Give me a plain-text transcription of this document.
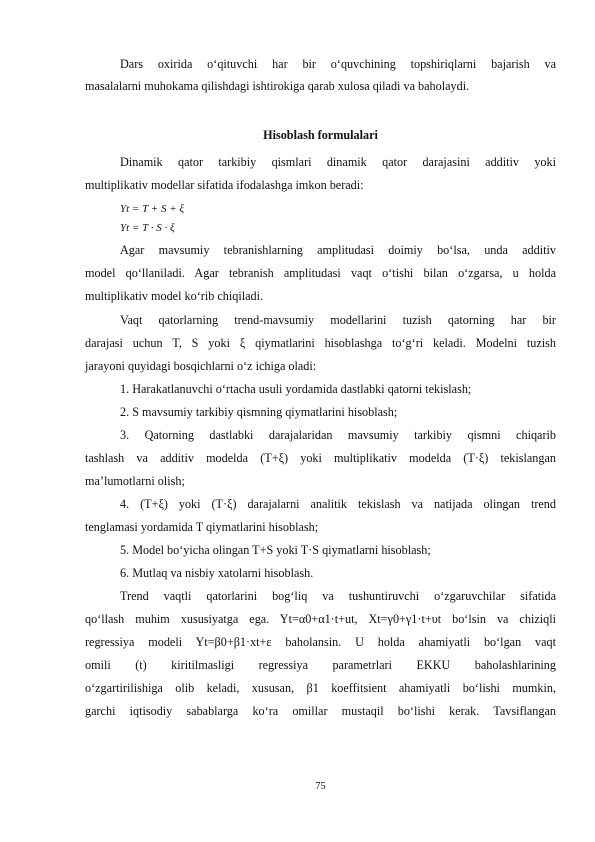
Dars oxirida o‘qituvchi har bir o‘quvchining topshiriqlarni bajarish va
masalalarni muhokama qilishdagi ishtirokiga qarab xulosa qiladi va baholaydi.
Hisoblash formulalari
Dinamik qator tarkibiy qismlari dinamik qator darajasini additiv yoki
multiplikativ modellar sifatida ifodalashga imkon beradi:
Yt = T + S + ξ
Yt = T · S · ξ
Agar mavsumiy tebranishlarning amplitudasi doimiy bo‘lsa, unda additiv
model qo‘llaniladi. Agar tebranish amplitudasi vaqt o‘tishi bilan o‘zgarsa, u holda
multiplikativ model ko‘rib chiqiladi.
Vaqt qatorlarning trend-mavsumiy modellarini tuzish qatorning har bir
darajasi uchun T, S yoki ξ qiymatlarini hisoblashga to‘g‘ri keladi. Modelni tuzish
jarayoni quyidagi bosqichlarni o‘z ichiga oladi:
1. Harakatlanuvchi o‘rtacha usuli yordamida dastlabki qatorni tekislash;
2. S mavsumiy tarkibiy qismning qiymatlarini hisoblash;
3. Qatorning dastlabki darajalaridan mavsumiy tarkibiy qismni chiqarib
tashlash va additiv modelda (T+ξ) yoki multiplikativ modelda (T·ξ) tekislangan
ma’lumotlarni olish;
4. (T+ξ) yoki (T·ξ) darajalarni analitik tekislash va natijada olingan trend
tenglamasi yordamida T qiymatlarini hisoblash;
5. Model bo‘yicha olingan T+S yoki T·S qiymatlarni hisoblash;
6. Mutlaq va nisbiy xatolarni hisoblash.
Trend vaqtli qatorlarini bog‘liq va tushuntiruvchi o‘zgaruvchilar sifatida
qo‘llash muhim xususiyatga ega. Yt=α0+α1·t+ut, Xt=γ0+γ1·t+υt bo‘lsin va chiziqli
regressiya modeli Yt=β0+β1·xt+ε baholansin. U holda ahamiyatli bo‘lgan vaqt
omili (t) kiritilmasligi regressiya parametrlari EKKU baholashlarining
o‘zgartirilishiga olib keladi, xususan, β1 koeffitsient ahamiyatli bo‘lishi mumkin,
garchi iqtisodiy sabablarga ko‘ra omillar mustaqil bo‘lishi kerak. Tavsiflangan
75
